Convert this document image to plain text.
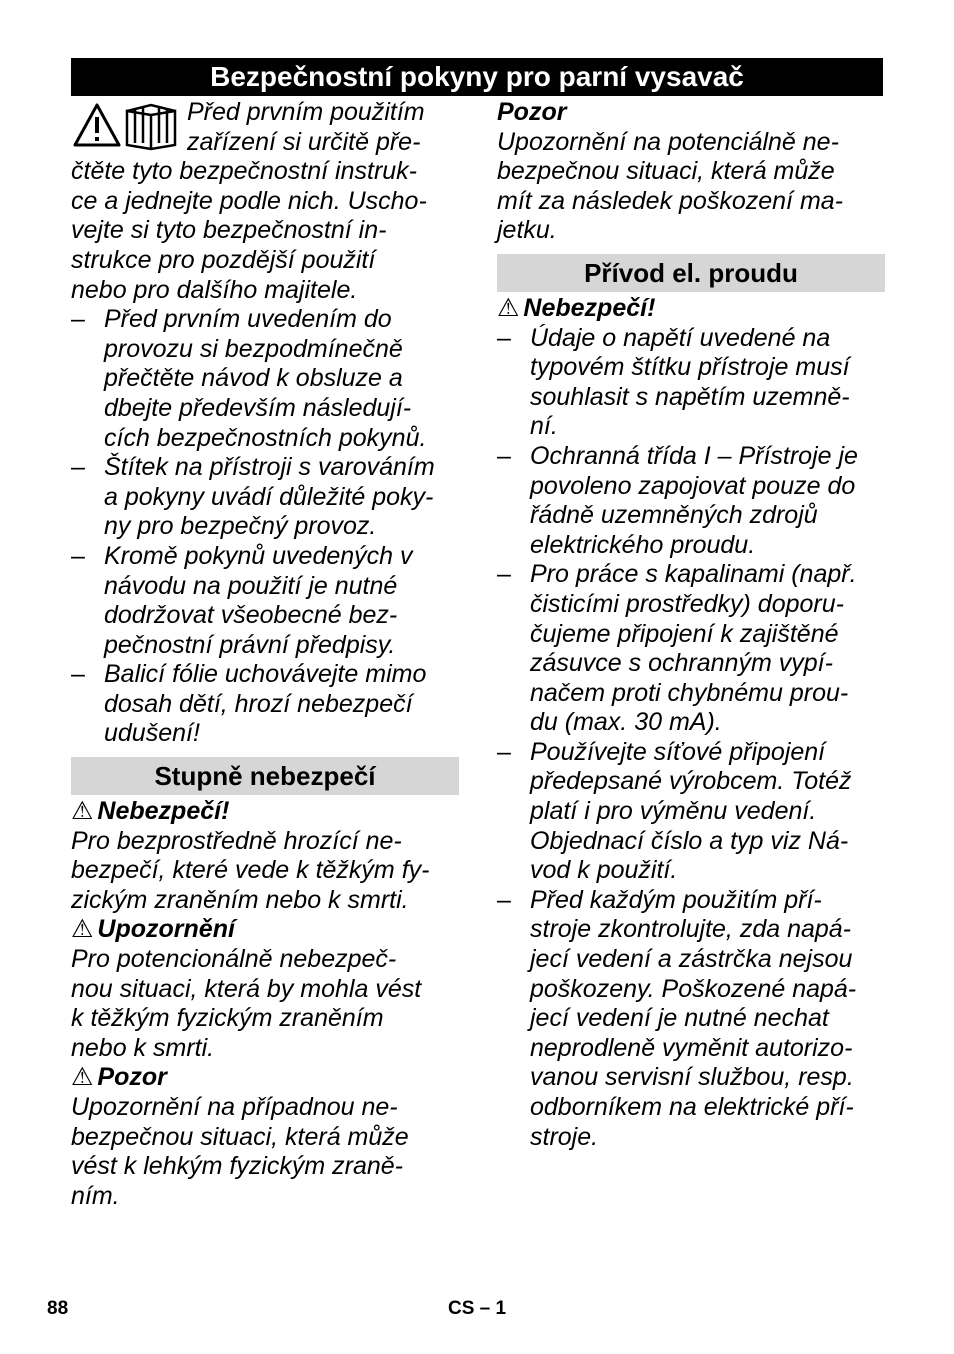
Bezpečnostní pokyny pro parní vysavač
Před prvním použitím
zařízení si určitě pře-
čtěte tyto bezpečnostní instruk-
ce a jednejte podle nich. Uscho-
vejte si tyto bezpečnostní in-
strukce pro pozdější použití
nebo pro dalšího majitele.
– Před prvním uvedením do
provozu si bezpodmínečně
přečtěte návod k obsluze a
dbejte především následují-
cích bezpečnostních pokynů.
– Štítek na přístroji s varováním
a pokyny uvádí důležité poky-
ny pro bezpečný provoz.
– Kromě pokynů uvedených v
návodu na použití je nutné
dodržovat všeobecné bez-
pečnostní právní předpisy.
– Balicí fólie uchovávejte mimo
dosah dětí, hrozí nebezpečí
udušení!
Stupně nebezpečí
⚠ Nebezpečí!
Pro bezprostředně hrozící ne-
bezpečí, které vede k těžkým fy-
zickým zraněním nebo k smrti.
⚠ Upozornění
Pro potencionálně nebezpeč-
nou situaci, která by mohla vést
k těžkým fyzickým zraněním
nebo k smrti.
⚠ Pozor
Upozornění na případnou ne-
bezpečnou situaci, která může
vést k lehkým fyzickým zraně-
ním.
Pozor
Upozornění na potenciálně ne-
bezpečnou situaci, která může
mít za následek poškození ma-
jetku.
Přívod el. proudu
⚠ Nebezpečí!
– Údaje o napětí uvedené na
typovém štítku přístroje musí
souhlasit s napětím uzemně-
ní.
– Ochranná třída I – Přístroje je
povoleno zapojovat pouze do
řádně uzemněných zdrojů
elektrického proudu.
– Pro práce s kapalinami (např.
čisticími prostředky) doporu-
čujeme připojení k zajištěné
zásuvce s ochranným vypí-
načem proti chybnému prou-
du (max. 30 mA).
– Používejte síťové připojení
předepsané výrobcem. Totéž
platí i pro výměnu vedení.
Objednací číslo a typ viz Ná-
vod k použití.
– Před každým použitím pří-
stroje zkontrolujte, zda napá-
jecí vedení a zástrčka nejsou
poškozeny. Poškozené napá-
jecí vedení je nutné nechat
neprodleně vyměnit autorizo-
vanou servisní službou, resp.
odborníkem na elektrické pří-
stroje.
88	CS – 1
